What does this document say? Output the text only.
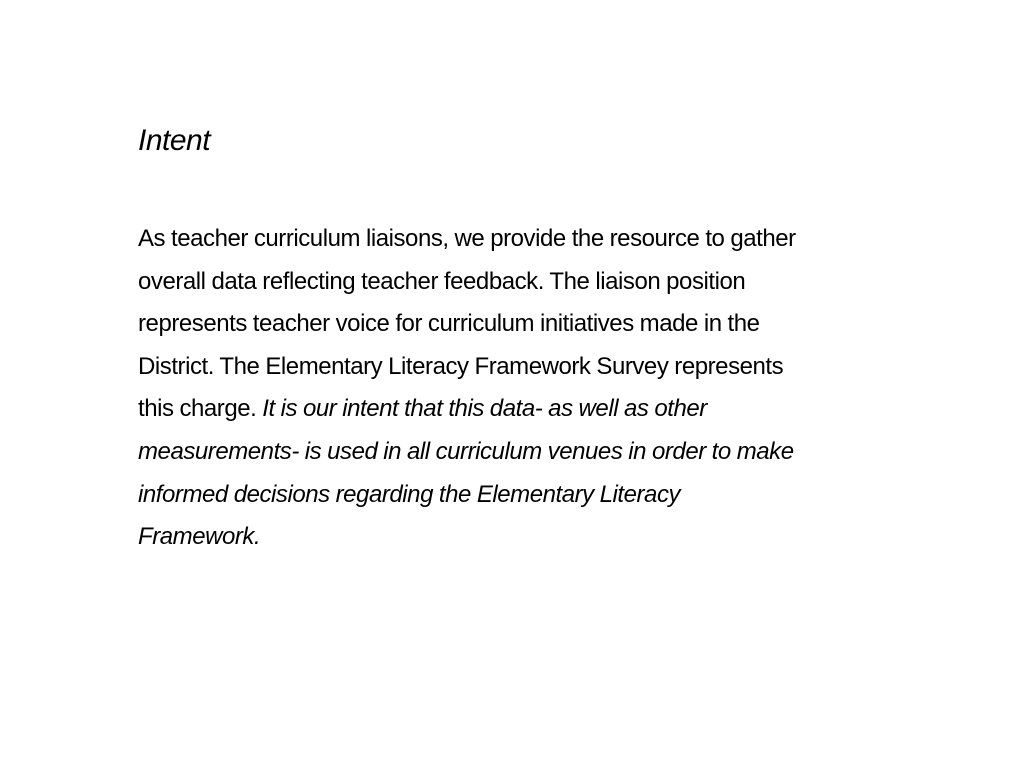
Intent

As teacher curriculum liaisons, we provide the resource to gather
overall data reflecting teacher feedback. The liaison position
represents teacher voice for curriculum initiatives made in the
District. The Elementary Literacy Framework Survey represents
this charge. It is our intent that this data- as well as other
measurements- is used in all curriculum venues in order to make
informed decisions regarding the Elementary Literacy
Framework.
